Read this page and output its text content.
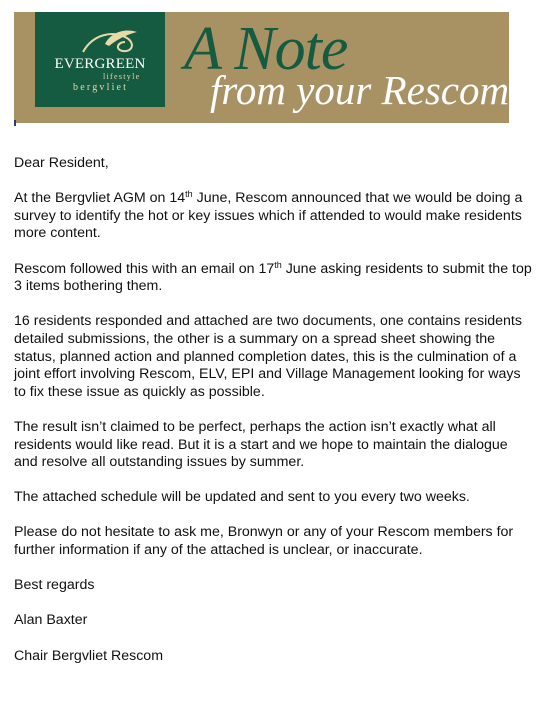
EVERGREEN
lifestyle
bergvliet
A Note
from your Rescom

Dear Resident,

At the Bergvliet AGM on 14th June, Rescom announced that we would be doing a survey to identify the hot or key issues which if attended to would make residents more content.

Rescom followed this with an email on 17th June asking residents to submit the top 3 items bothering them.

16 residents responded and attached are two documents, one contains residents detailed submissions, the other is a summary on a spread sheet showing the status, planned action and planned completion dates, this is the culmination of a joint effort involving Rescom, ELV, EPI and Village Management looking for ways to fix these issue as quickly as possible.

The result isn’t claimed to be perfect, perhaps the action isn’t exactly what all residents would like read. But it is a start and we hope to maintain the dialogue and resolve all outstanding issues by summer.

The attached schedule will be updated and sent to you every two weeks.

Please do not hesitate to ask me, Bronwyn or any of your Rescom members for further information if any of the attached is unclear, or inaccurate.

Best regards

Alan Baxter

Chair Bergvliet Rescom
